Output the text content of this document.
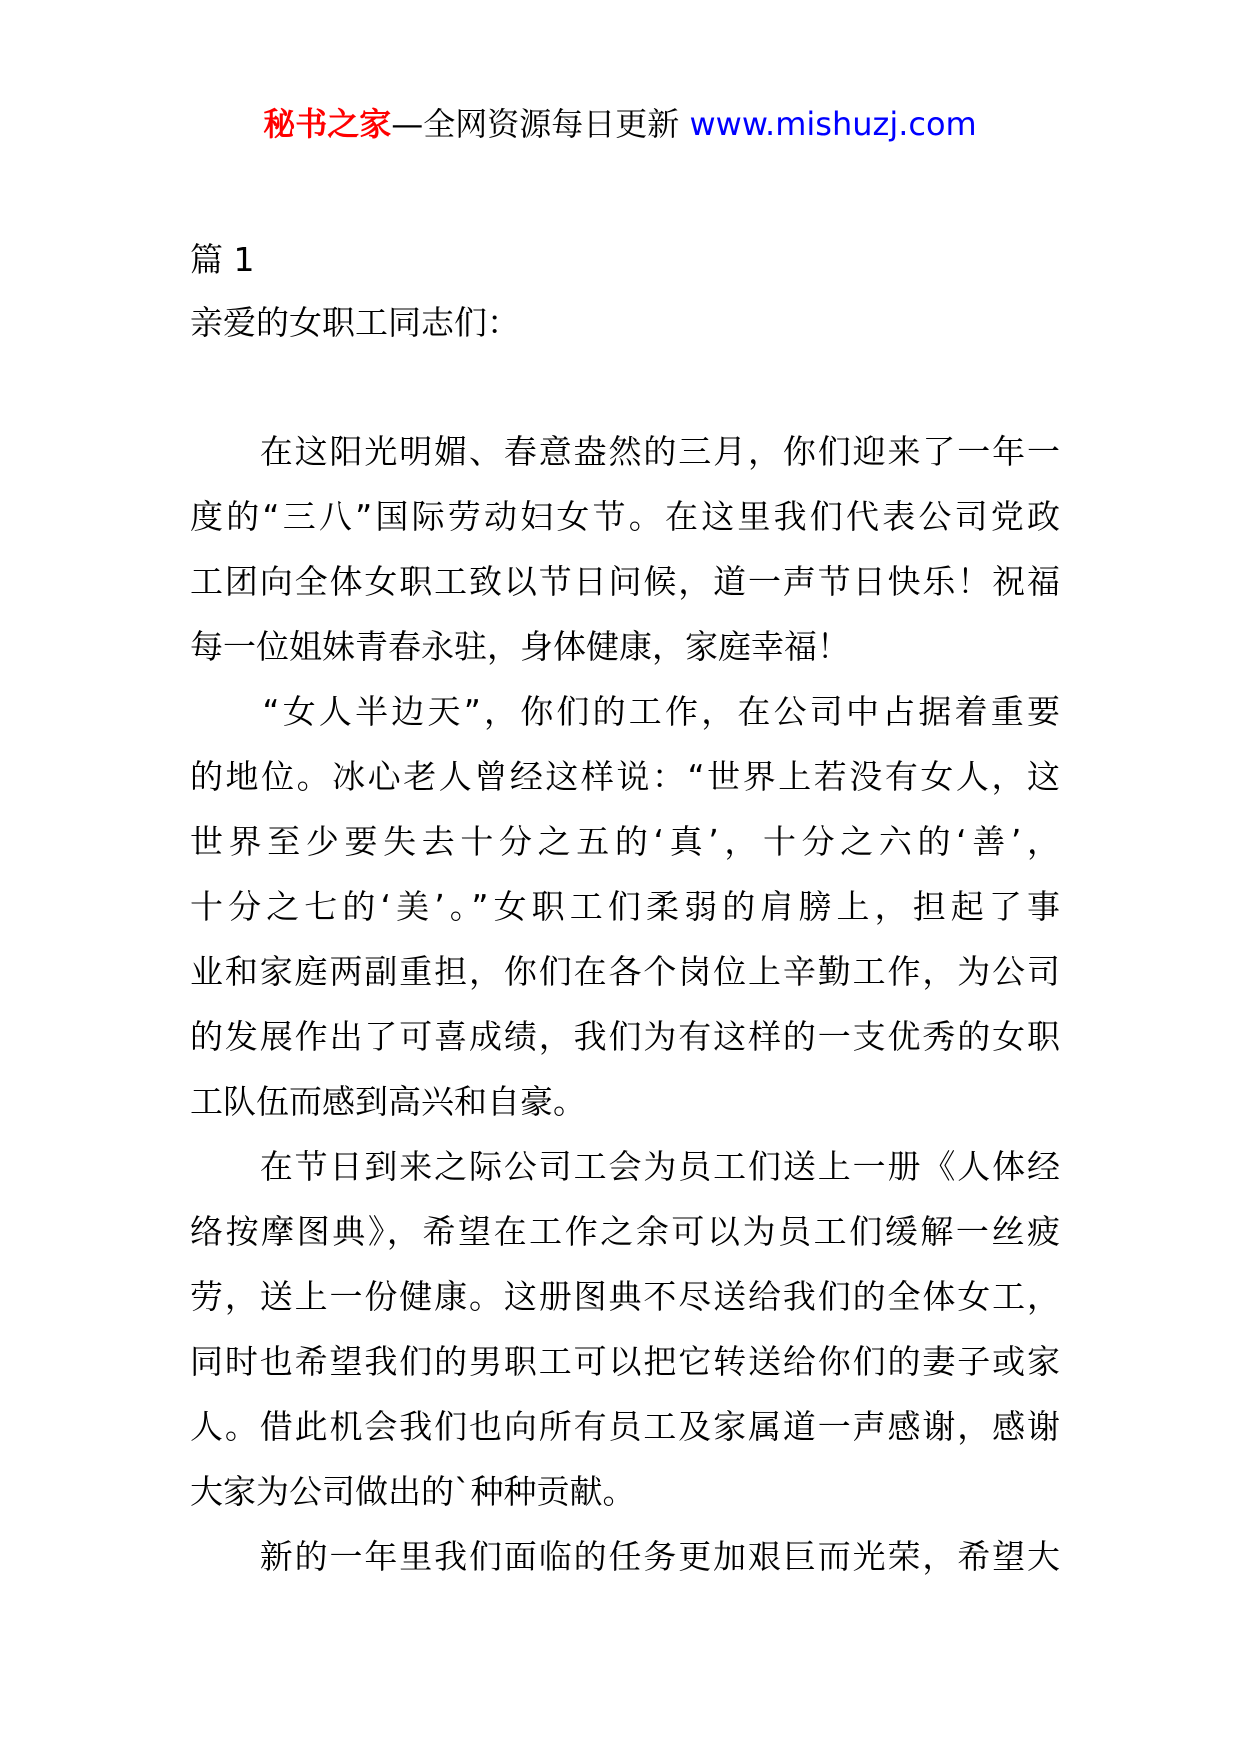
秘书之家—全网资源每日更新 www.mishuzj.com
篇 1
亲爱的女职工同志们：
　　在这阳光明媚、春意盎然的三月，你们迎来了一年一
度的“三八”国际劳动妇女节。在这里我们代表公司党政
工团向全体女职工致以节日问候，道一声节日快乐！祝福
每一位姐妹青春永驻，身体健康，家庭幸福！
　　“女人半边天”，你们的工作，在公司中占据着重要
的地位。冰心老人曾经这样说：“世界上若没有女人，这
世界至少要失去十分之五的‘真’，十分之六的‘善’，
十分之七的‘美’。”女职工们柔弱的肩膀上，担起了事
业和家庭两副重担，你们在各个岗位上辛勤工作，为公司
的发展作出了可喜成绩，我们为有这样的一支优秀的女职
工队伍而感到高兴和自豪。
　　在节日到来之际公司工会为员工们送上一册《人体经
络按摩图典》，希望在工作之余可以为员工们缓解一丝疲
劳，送上一份健康。这册图典不尽送给我们的全体女工，
同时也希望我们的男职工可以把它转送给你们的妻子或家
人。借此机会我们也向所有员工及家属道一声感谢，感谢
大家为公司做出的`种种贡献。
　　新的一年里我们面临的任务更加艰巨而光荣，希望大
